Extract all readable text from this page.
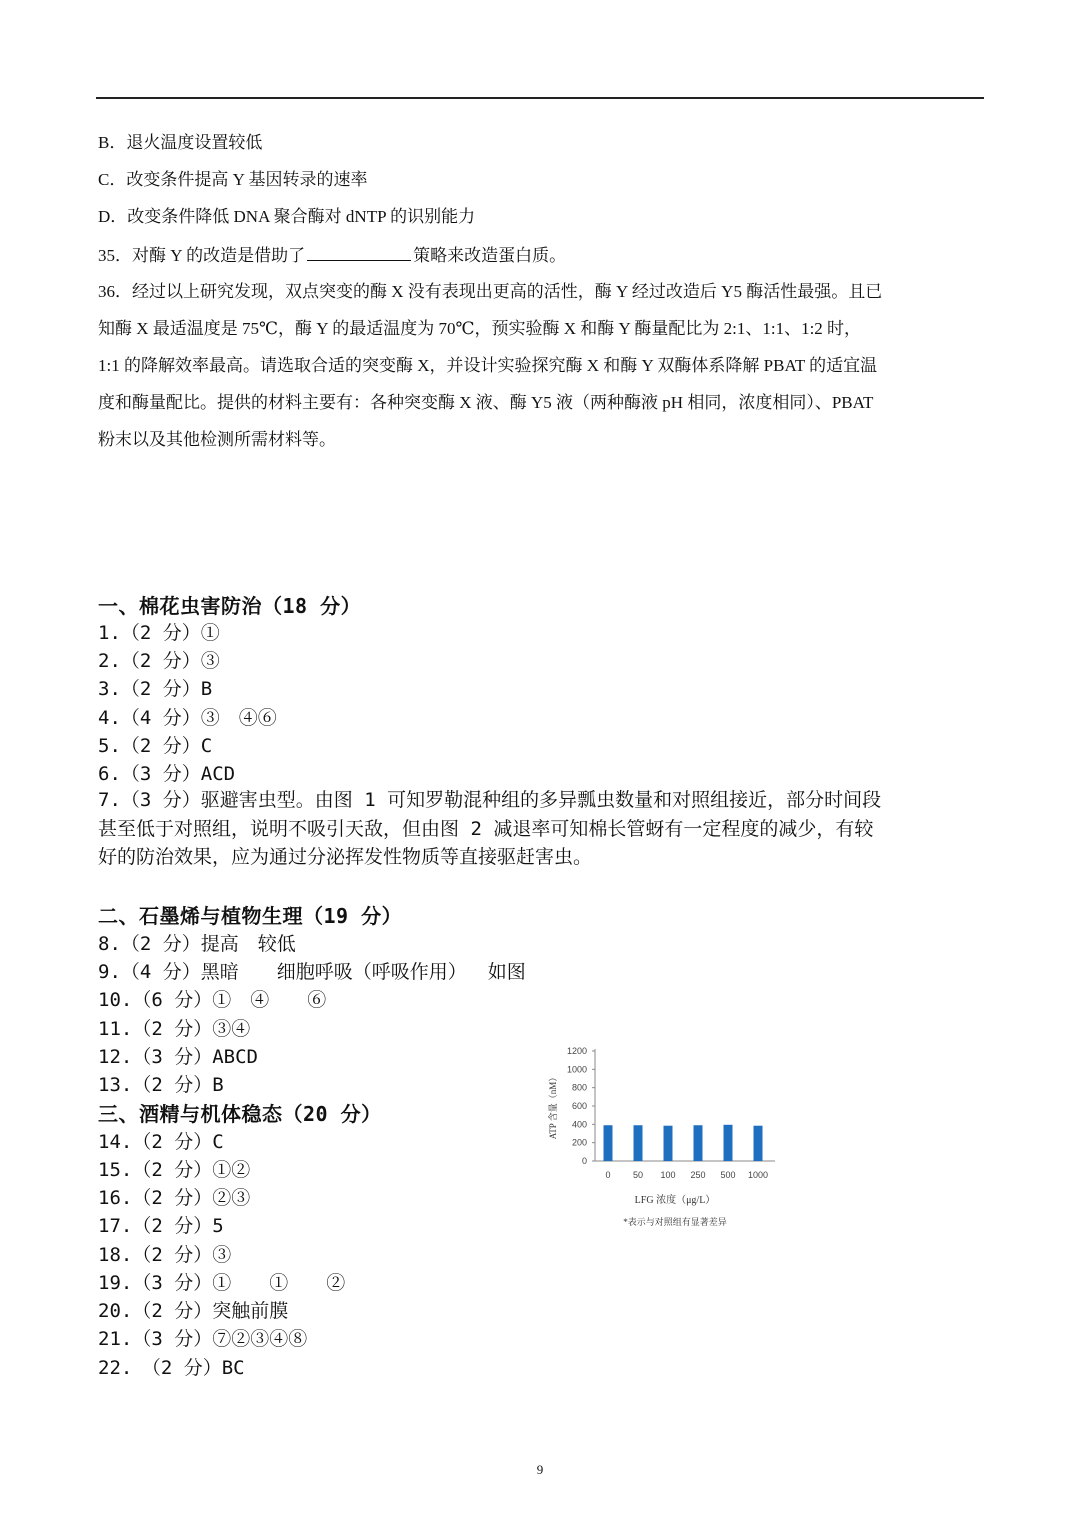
B．退火温度设置较低
C．改变条件提高 Y 基因转录的速率
D．改变条件降低 DNA 聚合酶对 dNTP 的识别能力
35．对酶 Y 的改造是借助了	策略来改造蛋白质。
36．经过以上研究发现，双点突变的酶 X 没有表现出更高的活性，酶 Y 经过改造后 Y5 酶活性最强。且已
知酶 X 最适温度是 75℃，酶 Y 的最适温度为 70℃，预实验酶 X 和酶 Y 酶量配比为 2:1、1:1、1:2 时，
1:1 的降解效率最高。请选取合适的突变酶 X，并设计实验探究酶 X 和酶 Y 双酶体系降解 PBAT 的适宜温
度和酶量配比。提供的材料主要有：各种突变酶 X 液、酶 Y5 液（两种酶液 pH 相同，浓度相同）、PBAT
粉末以及其他检测所需材料等。
一、棉花虫害防治（18 分）
1.（2 分）①
2.（2 分）③
3.（2 分）B
4.（4 分）③　④⑥
5.（2 分）C
6.（3 分）ACD
7.（3 分）驱避害虫型。由图 1 可知罗勒混种组的多异瓢虫数量和对照组接近，部分时间段
甚至低于对照组，说明不吸引天敌，但由图 2 减退率可知棉长管蚜有一定程度的减少，有较
好的防治效果，应为通过分泌挥发性物质等直接驱赶害虫。
二、石墨烯与植物生理（19 分）
8.（2 分）提高　较低
9.（4 分）黑暗　　细胞呼吸（呼吸作用）　 如图
10.（6 分）①　④　　⑥
11.（2 分）③④
12.（3 分）ABCD
13.（2 分）B
三、酒精与机体稳态（20 分）
14.（2 分）C
15.（2 分）①②
16.（2 分）②③
17.（2 分）5
18.（2 分）③
19.（3 分）①　　①　　②
20.（2 分）突触前膜
21.（3 分）⑦②③④⑧
22.　（2 分）BC
0
200
400
600
800
1000
1200
0 50 100 250 500 1000
ATP 含量（nM）
LFG 浓度（μg/L）
*表示与对照组有显著差异
9
